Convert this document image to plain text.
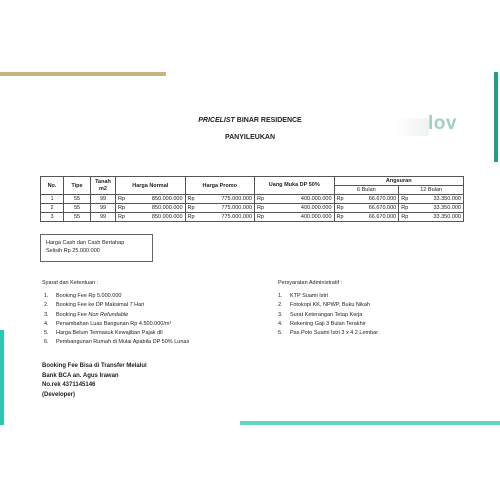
lov
PRICELIST BINAR RESIDENCE
PANYILEUKAN
No.	Tipe	Tanah m2	Harga Normal		Harga Promo		Uang Muka DP 50%		Angsuran			
									6 Bulan		12 Bulan	
1	55	99	Rp	850.000.000	Rp	775.000.000	Rp	400.000.000	Rp	66.670.000	Rp	33.350.000
2	55	99	Rp	850.000.000	Rp	775.000.000	Rp	400.000.000	Rp	66.670.000	Rp	33.350.000
3	55	99	Rp	850.000.000	Rp	775.000.000	Rp	400.000.000	Rp	66.670.000	Rp	33.350.000
Harga Cash dan Cash Bertahap
Selisih Rp 25.000.000
Syarat dan Ketentuan :
1. Booking Fee Rp 5.000.000
2. Booking Fee ke DP Maksimal 7 Hari
3. Booking Fee Non Refundable
4. Penambahan Luas Bangunan Rp 4.500.000/m²
5. Harga Belum Termasuk Kewajiban Pajak dll
6. Pembangunan Rumah di Mulai Apabila DP 50% Lunas
Persyaratan Administratif :
1. KTP Suami Istri
2. Fotokopi KK, NPWP, Buku Nikah
3. Surat Keterangan Tetap Kerja
4. Rekening Gaji 3 Bulan Terakhir
5. Pas Poto Suami Istri 3 x 4 2 Lembar
Booking Fee Bisa di Transfer Melalui
Bank BCA an. Agus Irawan
No.rek 4371145146
(Developer)
